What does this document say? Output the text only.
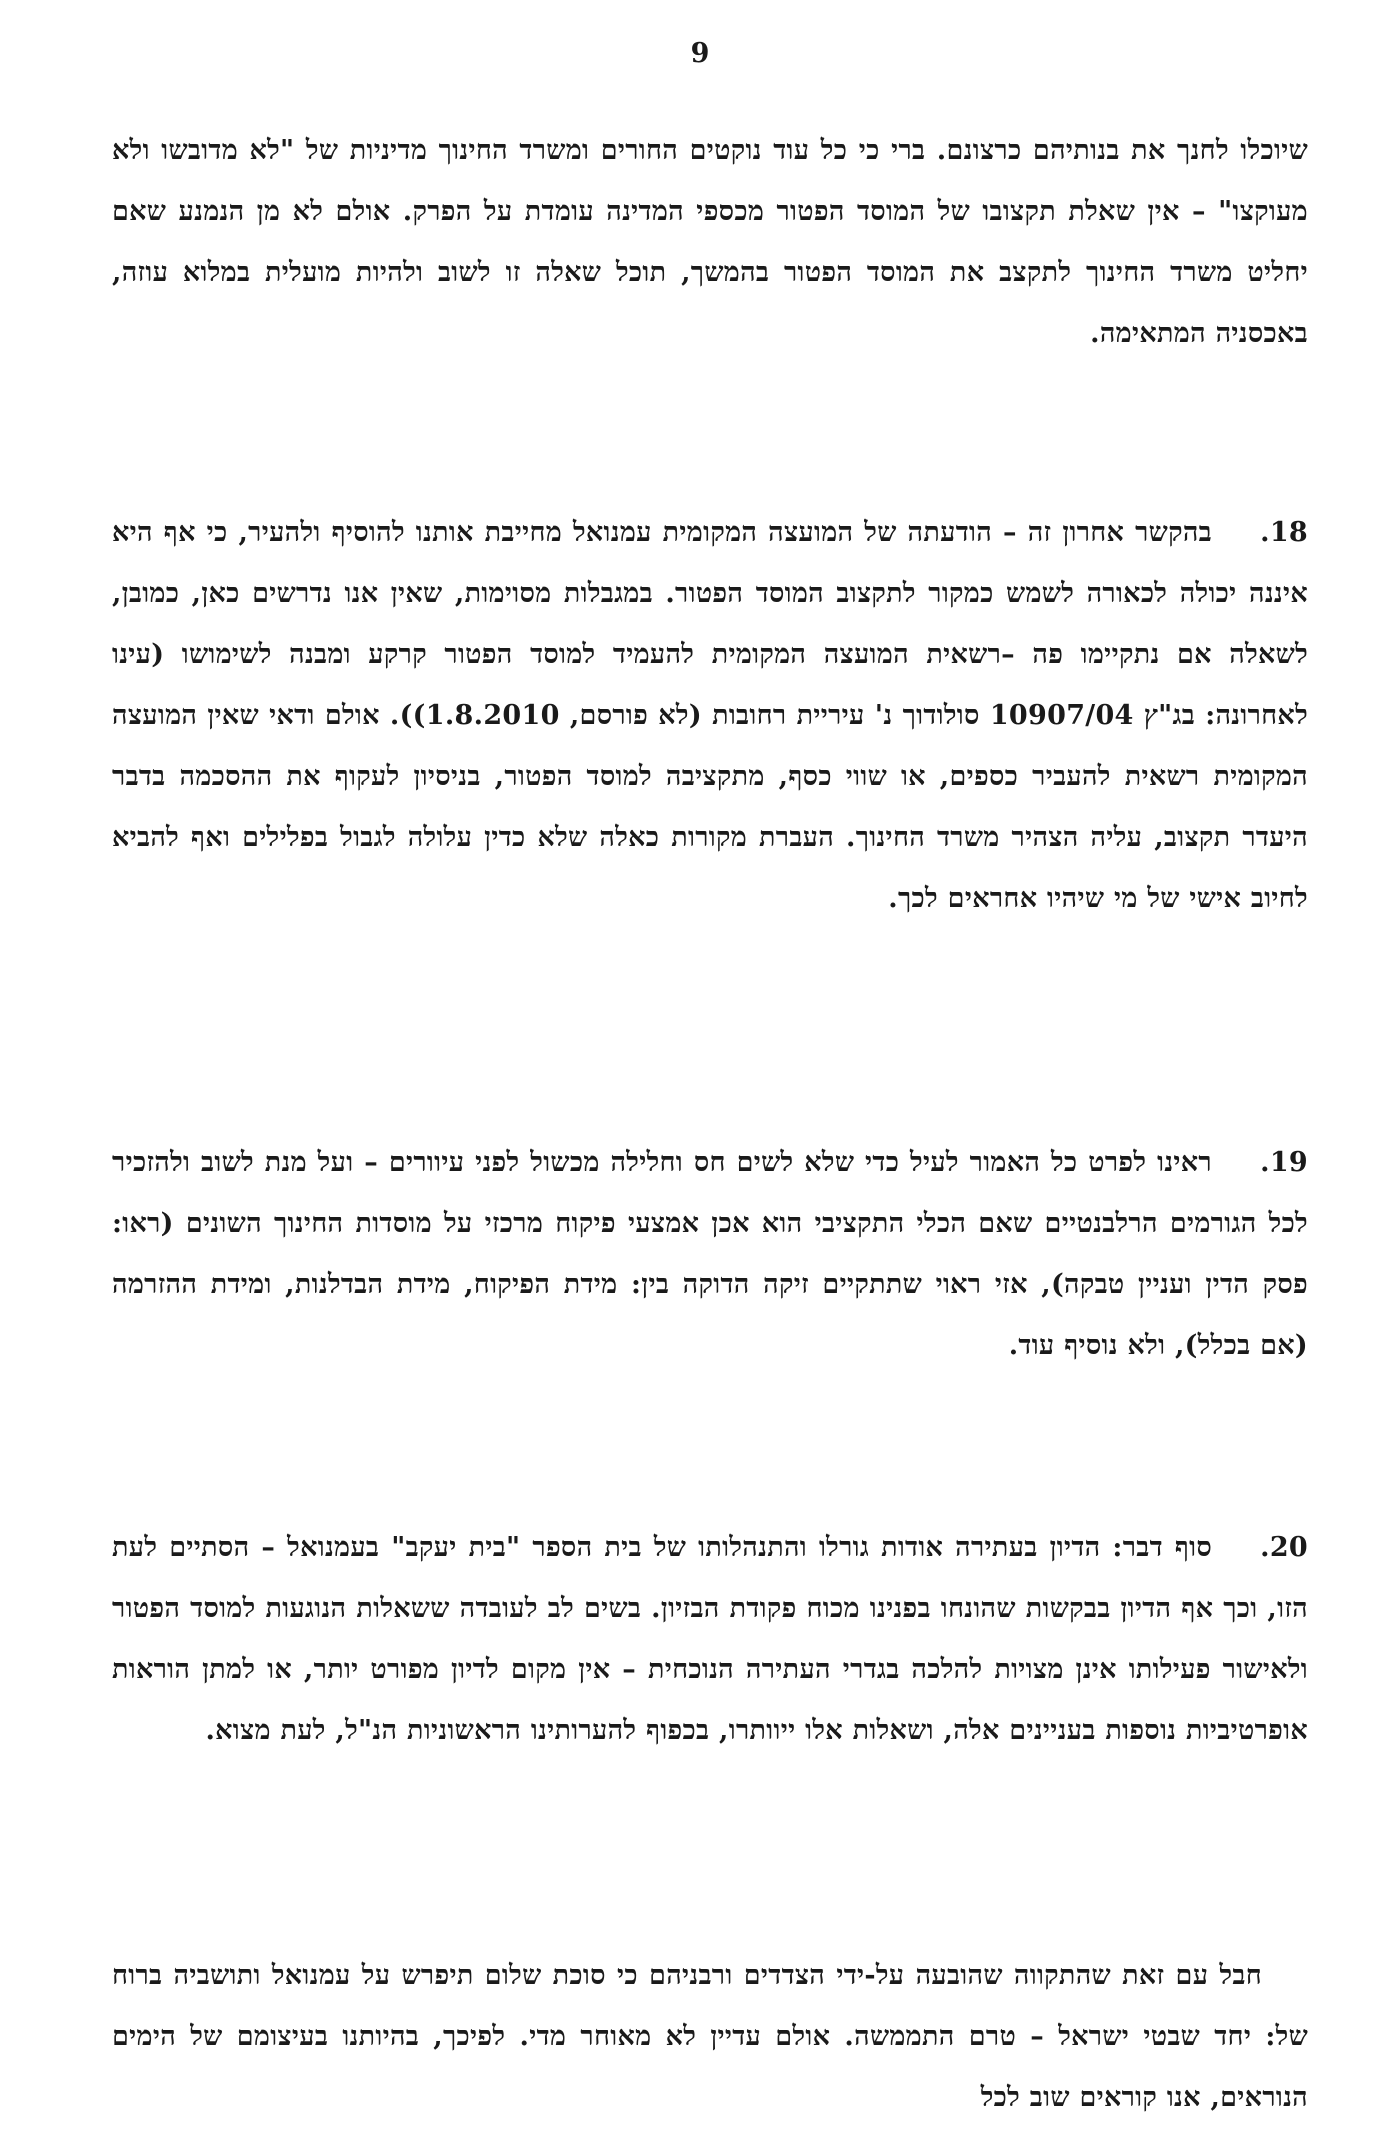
9

שיוכלו לחנך את בנותיהם כרצונם. ברי כי כל עוד נוקטים החורים ומשרד החינוך מדיניות של "לא מדובשו ולא מעוקצו" – אין שאלת תקצובו של המוסד הפטור מכספי המדינה עומדת על הפרק. אולם לא מן הנמנע שאם יחליט משרד החינוך לתקצב את המוסד הפטור בהמשך, תוכל שאלה זו לשוב ולהיות מועלית במלוא עוזה, באכסניה המתאימה.

18.בהקשר אחרון זה – הודעתה של המועצה המקומית עמנואל מחייבת אותנו להוסיף ולהעיר, כי אף היא איננה יכולה לכאורה לשמש כמקור לתקצוב המוסד הפטור. במגבלות מסוימות, שאין אנו נדרשים כאן, כמובן, לשאלה אם נתקיימו פה –רשאית המועצה המקומית להעמיד למוסד הפטור קרקע ומבנה לשימושו (עינו לאחרונה: בג"ץ 10907/04 סולודוך נ' עיריית רחובות (לא פורסם, 1.8.2010)). אולם ודאי שאין המועצה המקומית רשאית להעביר כספים, או שווי כסף, מתקציבה למוסד הפטור, בניסיון לעקוף את ההסכמה בדבר היעדר תקצוב, עליה הצהיר משרד החינוך. העברת מקורות כאלה שלא כדין עלולה לגבול בפלילים ואף להביא לחיוב אישי של מי שיהיו אחראים לכך.

19.ראינו לפרט כל האמור לעיל כדי שלא לשים חס וחלילה מכשול לפני עיוורים – ועל מנת לשוב ולהזכיר לכל הגורמים הרלבנטיים שאם הכלי התקציבי הוא אכן אמצעי פיקוח מרכזי על מוסדות החינוך השונים (ראו: פסק הדין ועניין טבקה), אזי ראוי שתתקיים זיקה הדוקה בין: מידת הפיקוח, מידת הבדלנות, ומידת ההזרמה (אם בכלל), ולא נוסיף עוד.

20.סוף דבר: הדיון בעתירה אודות גורלו והתנהלותו של בית הספר "בית יעקב" בעמנואל – הסתיים לעת הזו, וכך אף הדיון בבקשות שהונחו בפנינו מכוח פקודת הבזיון. בשים לב לעובדה ששאלות הנוגעות למוסד הפטור ולאישור פעילותו אינן מצויות להלכה בגדרי העתירה הנוכחית – אין מקום לדיון מפורט יותר, או למתן הוראות אופרטיביות נוספות בעניינים אלה, ושאלות אלו ייוותרו, בכפוף להערותינו הראשוניות הנ"ל, לעת מצוא.

חבל עם זאת שהתקווה שהובעה על-ידי הצדדים ורבניהם כי סוכת שלום תיפרש על עמנואל ותושביה ברוח של: יחד שבטי ישראל – טרם התממשה. אולם עדיין לא מאוחר מדי. לפיכך, בהיותנו בעיצומם של הימים הנוראים, אנו קוראים שוב לכל
